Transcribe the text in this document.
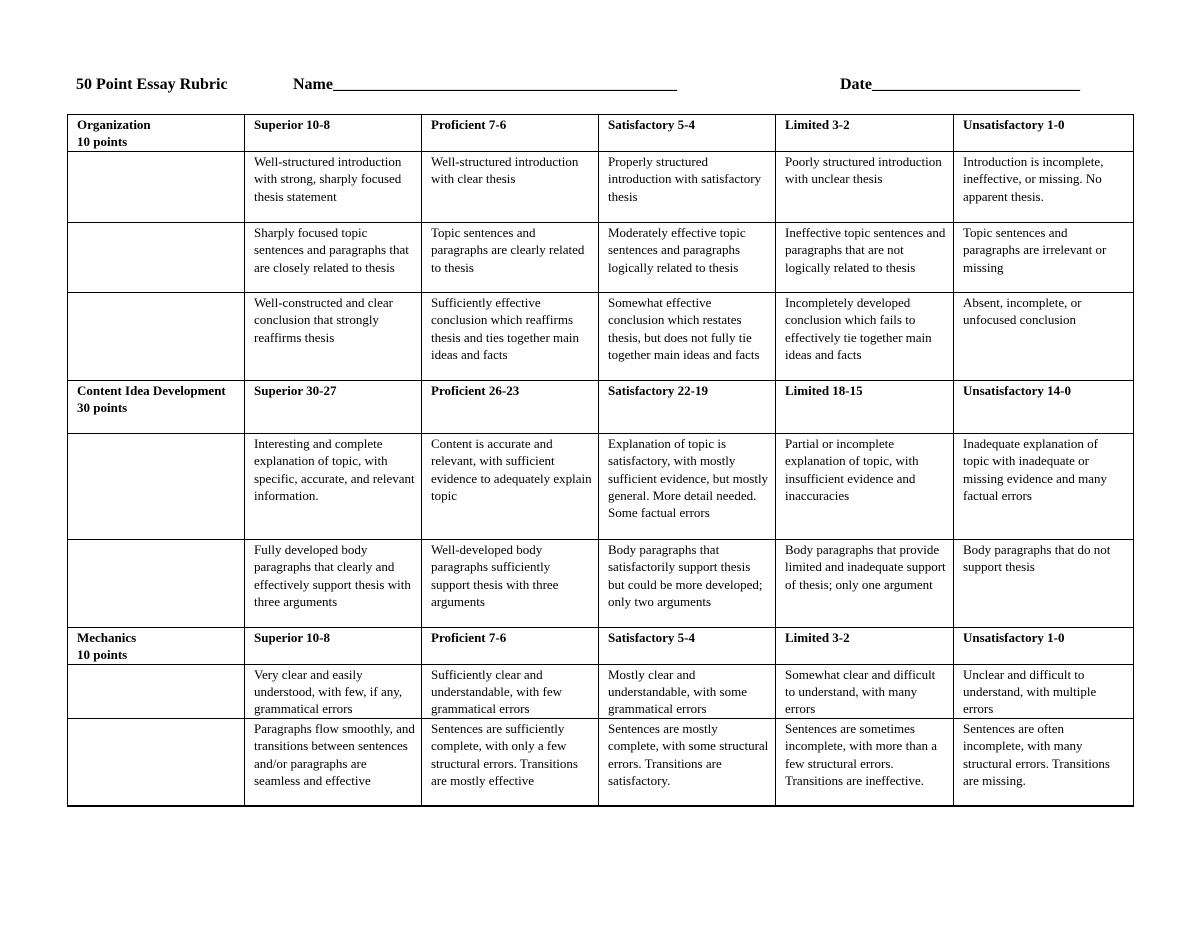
50 Point Essay Rubric	Name___________________________________________	Date__________________________
Organization
10 points	Superior 10-8	Proficient 7-6	Satisfactory 5-4	Limited 3-2	Unsatisfactory 1-0
	Well-structured introduction with strong, sharply focused thesis statement	Well-structured introduction with clear thesis	Properly structured introduction with satisfactory thesis	Poorly structured introduction with unclear thesis	Introduction is incomplete, ineffective, or missing. No apparent thesis.
	Sharply focused topic sentences and paragraphs that are closely related to thesis	Topic sentences and paragraphs are clearly related to thesis	Moderately effective topic sentences and paragraphs logically related to thesis	Ineffective topic sentences and paragraphs that are not logically related to thesis	Topic sentences and paragraphs are irrelevant or missing
	Well-constructed and clear conclusion that strongly reaffirms thesis	Sufficiently effective conclusion which reaffirms thesis and ties together main ideas and facts	Somewhat effective conclusion which restates thesis, but does not fully tie together main ideas and facts	Incompletely developed conclusion which fails to effectively tie together main ideas and facts	Absent, incomplete, or unfocused conclusion
Content Idea Development
30 points	Superior 30-27	Proficient 26-23	Satisfactory 22-19	Limited 18-15	Unsatisfactory 14-0
	Interesting and complete explanation of topic, with specific, accurate, and relevant information.	Content is accurate and relevant, with sufficient evidence to adequately explain topic	Explanation of topic is satisfactory, with mostly sufficient evidence, but mostly general. More detail needed. Some factual errors	Partial or incomplete explanation of topic, with insufficient evidence and inaccuracies	Inadequate explanation of topic with inadequate or missing evidence and many factual errors
	Fully developed body paragraphs that clearly and effectively support thesis with three arguments	Well-developed body paragraphs sufficiently support thesis with three arguments	Body paragraphs that satisfactorily support thesis but could be more developed; only two arguments	Body paragraphs that provide limited and inadequate support of thesis; only one argument	Body paragraphs that do not support thesis
Mechanics
10 points	Superior 10-8	Proficient 7-6	Satisfactory 5-4	Limited 3-2	Unsatisfactory 1-0
	Very clear and easily understood, with few, if any, grammatical errors	Sufficiently clear and understandable, with few grammatical errors	Mostly clear and understandable, with some grammatical errors	Somewhat clear and difficult to understand, with many errors	Unclear and difficult to understand, with multiple errors
	Paragraphs flow smoothly, and transitions between sentences and/or paragraphs are seamless and effective	Sentences are sufficiently complete, with only a few structural errors. Transitions are mostly effective	Sentences are mostly complete, with some structural errors. Transitions are satisfactory.	Sentences are sometimes incomplete, with more than a few structural errors. Transitions are ineffective.	Sentences are often incomplete, with many structural errors. Transitions are missing.
